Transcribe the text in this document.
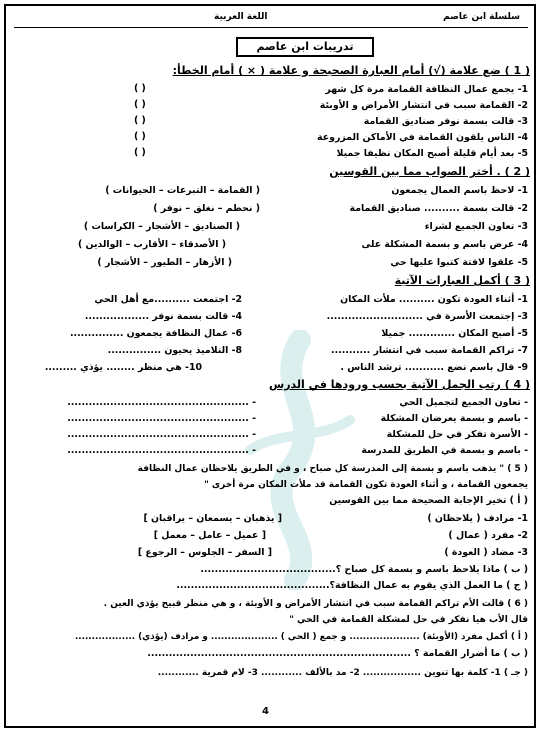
سلسلة ابن عاصم
اللغة العربية
تدريبات ابن عاصم
( 1 ) ضع علامة (√) أمام العبارة الصحيحة و علامة ( × ) أمام الخطأ:
1- يجمع عمال النظافة القمامة مرة كل شهر
2- القمامة سبب في انتشار الأمراض و الأوبئة
3- قالت بسمة نوفر صناديق القمامة
4- الناس يلقون القمامة في الأماكن المزروعة
5- بعد أيام قليلة أصبح المكان نظيفا جميلا
( )
( )
( )
( )
( )
( 2 ) . أختر الصواب مما بين القوسين
1- لاحظ باسم العمال يجمعون
2- قالت بسمة .......... صناديق القمامة
3- تعاون الجميع لشراء
4- عرض باسم و بسمة المشكلة على
5- علقوا لافتة كتبوا عليها حي
( القمامة – التبرعات – الحيوانات )
( نحطم – نغلق – نوفر )
( الصناديق – الأشجار – الكراسات )
( الأصدقاء – الأقارب – الوالدين )
( الأزهار – الطيور – الأشجار )
( 3 ) أكمل العبارات الآتية
1- أثناء العودة تكون .......... ملأت المكان
2- اجتمعت ..........مع أهل الحي
3- إجتمعت الأسرة في ...........................
4- قالت بسمة نوفر ..................
5- أصبح المكان ............. جميلا
6- عمال النظافة يجمعون ...............
7- تراكم القمامة سبب في انتشار ...........
8- التلاميذ يحيون ...............
9- قال باسم نضع ........... ترشد الناس .
10- هي منظر ........ يؤذي .........
( 4 ) رتب الجمل الآتية بحسب ورودها في الدرس
- تعاون الجميع لتجميل الحي
- باسم و بسمة يعرضان المشكلة
- الأسرة تفكر في حل للمشكلة
- باسم و بسمة في الطريق للمدرسة
- ...................................................
- ...................................................
- ...................................................
- ...................................................
( 5 ) " يذهب باسم و بسمة إلى المدرسة كل صباح ، و في الطريق يلاحظان عمال النظافة
يجمعون القمامة ، و أثناء العودة تكون القمامة قد ملأت المكان مرة أخرى "
( أ ) تخير الإجابة الصحيحة مما بين القوسين
1- مرادف ( يلاحظان )
2- مفرد ( عمال )
3- مضاد ( العودة )
[ يذهبان – يسمعان – يراقبان ]
[ عميل – عامل – معمل ]
[ السفر – الجلوس – الرجوع ]
( ب ) ماذا يلاحظ باسم و بسمة كل صباح ؟......................................
( ج ) ما العمل الذي يقوم به عمال النظافة؟...........................................
( 6 ) قالت الأم تراكم القمامة سبب في انتشار الأمراض و الأوبئة ، و هي منظر قبيح يؤذي العين .
قال الأب هيا نفكر في حل لمشكلة القمامة في الحي "
( أ ) أكمل مفرد (الأوبئة) ..................... و جمع ( الحي ) .................... و مرادف (يؤذي) ..................
( ب ) ما أضرار القمامة ؟ ..........................................................................
( جـ ) 1- كلمة بها تنوين ................. 2- مد بالألف ............ 3- لام قمرية ............
4
